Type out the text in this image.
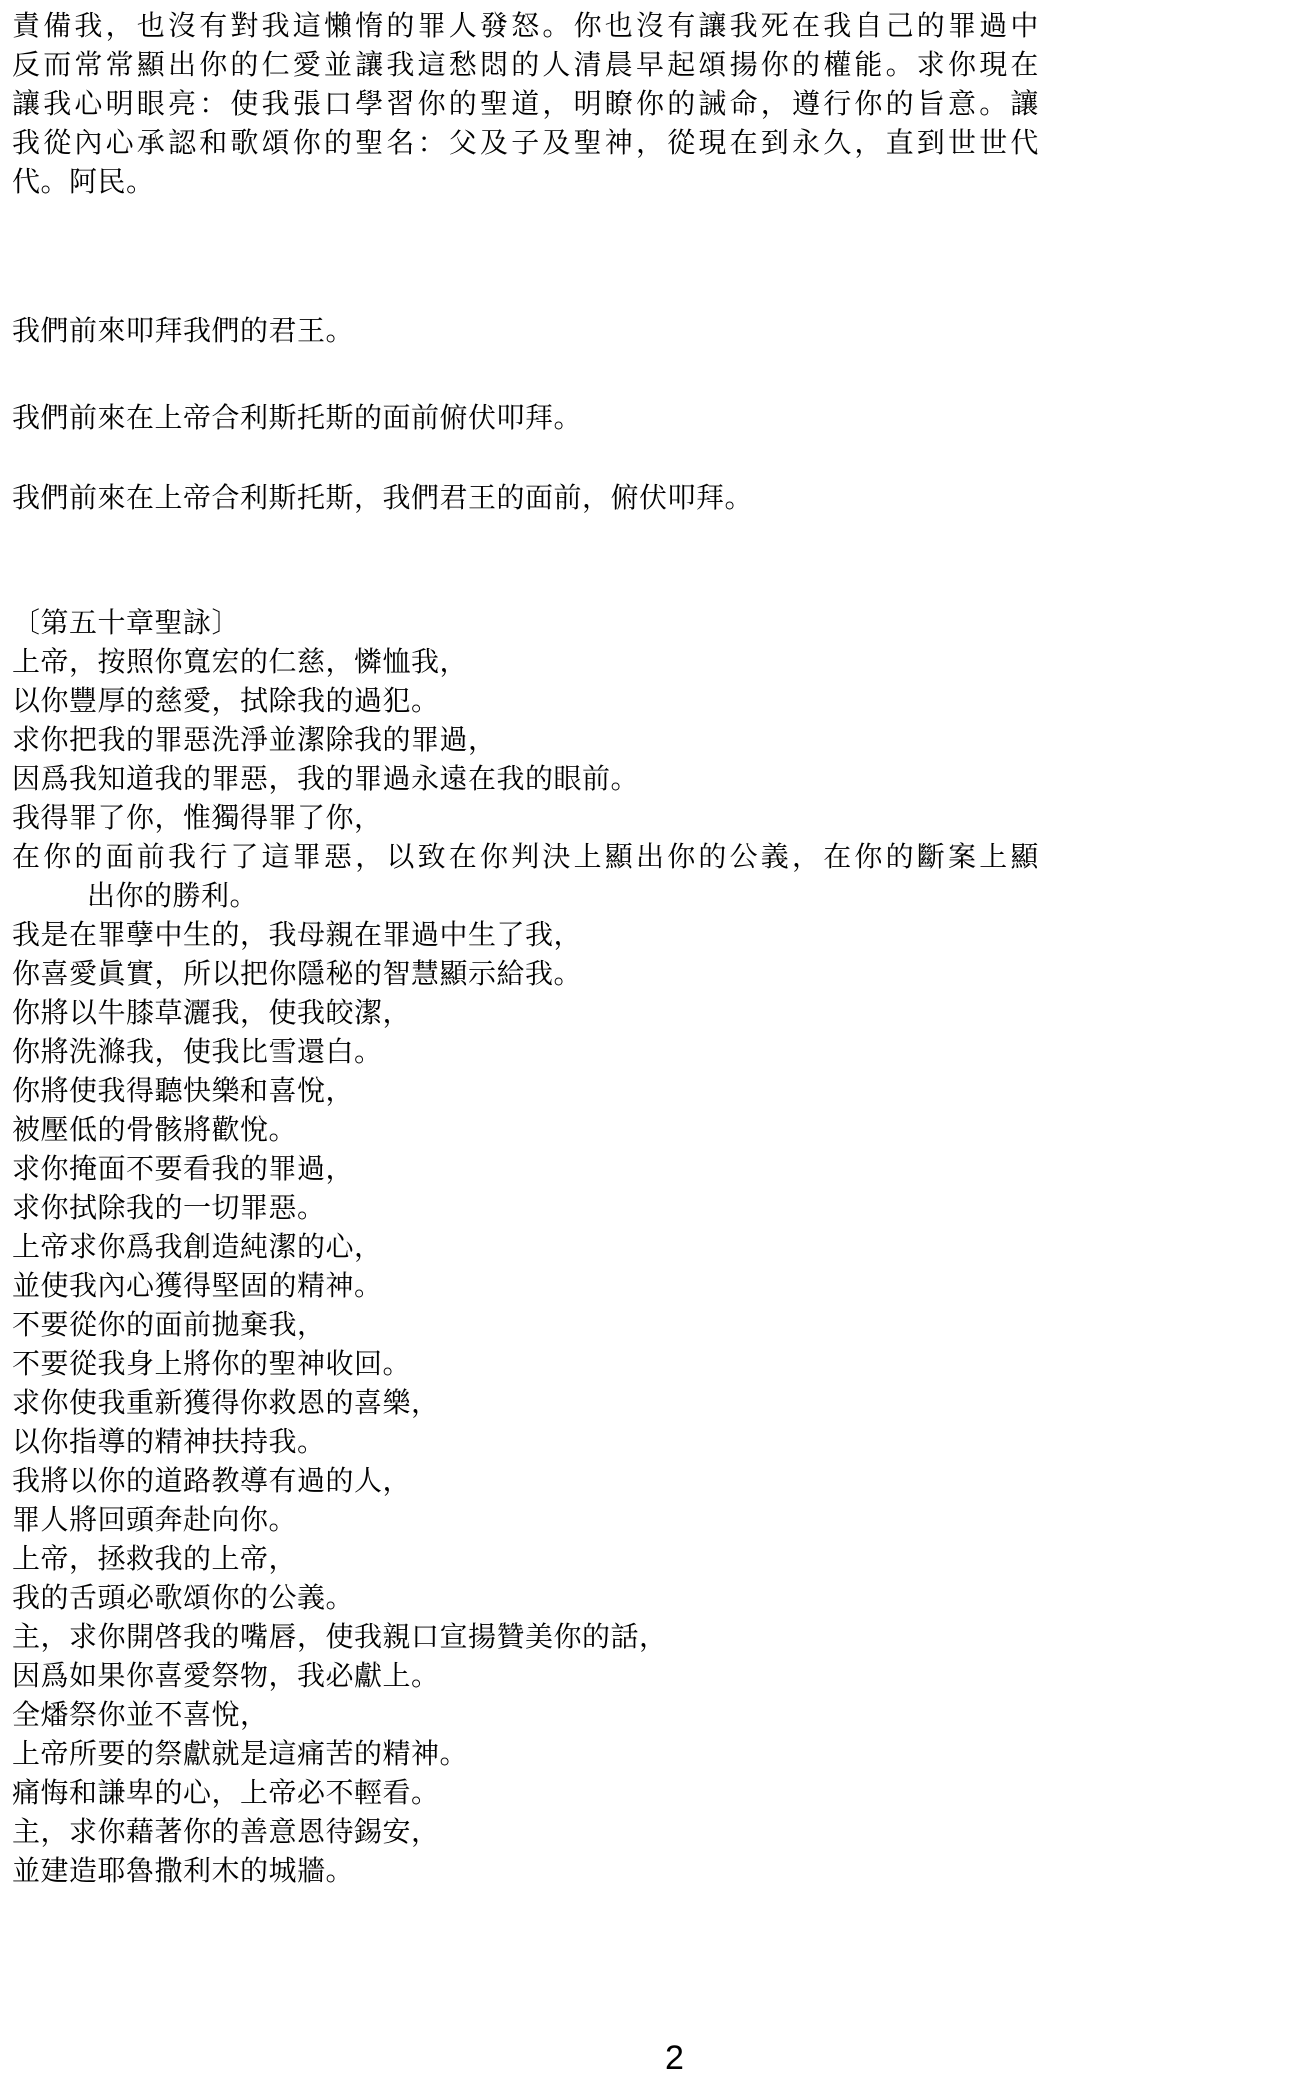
責備我，也沒有對我這懶惰的罪人發怒。你也沒有讓我死在我自己的罪過中
反而常常顯出你的仁愛並讓我這愁悶的人清晨早起頌揚你的權能。求你現在
讓我心明眼亮：使我張口學習你的聖道，明瞭你的誡命，遵行你的旨意。讓
我從內心承認和歌頌你的聖名：父及子及聖神，從現在到永久，直到世世代
代。阿民。
我們前來叩拜我們的君王。
我們前來在上帝合利斯托斯的面前俯伏叩拜。
我們前來在上帝合利斯托斯，我們君王的面前，俯伏叩拜。
〔第五十章聖詠〕
上帝，按照你寬宏的仁慈，憐恤我，
以你豐厚的慈愛，拭除我的過犯。
求你把我的罪惡洗淨並潔除我的罪過，
因爲我知道我的罪惡，我的罪過永遠在我的眼前。
我得罪了你，惟獨得罪了你，
在你的面前我行了這罪惡，以致在你判決上顯出你的公義，在你的斷案上顯
出你的勝利。
我是在罪孽中生的，我母親在罪過中生了我，
你喜愛眞實，所以把你隱秘的智慧顯示給我。
你將以牛膝草灑我，使我皎潔，
你將洗滌我，使我比雪還白。
你將使我得聽快樂和喜悅，
被壓低的骨骸將歡悅。
求你掩面不要看我的罪過，
求你拭除我的一切罪惡。
上帝求你爲我創造純潔的心，
並使我內心獲得堅固的精神。
不要從你的面前拋棄我，
不要從我身上將你的聖神收回。
求你使我重新獲得你救恩的喜樂，
以你指導的精神扶持我。
我將以你的道路教導有過的人，
罪人將回頭奔赴向你。
上帝，拯救我的上帝，
我的舌頭必歌頌你的公義。
主，求你開啓我的嘴唇，使我親口宣揚贊美你的話，
因爲如果你喜愛祭物，我必獻上。
全燔祭你並不喜悅，
上帝所要的祭獻就是這痛苦的精神。
痛悔和謙卑的心，上帝必不輕看。
主，求你藉著你的善意恩待錫安，
並建造耶魯撒利木的城牆。
2
